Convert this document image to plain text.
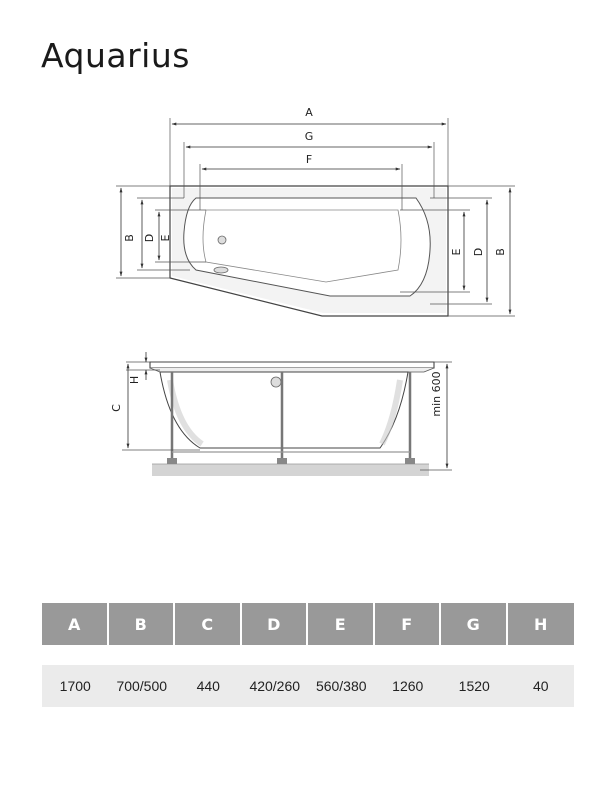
Aquarius
A
G
F
B D E
E D B
H
C	min 600
A	B	C	D	E	F	G	H

1700	700/500	440	420/260	560/380	1260	1520	40
